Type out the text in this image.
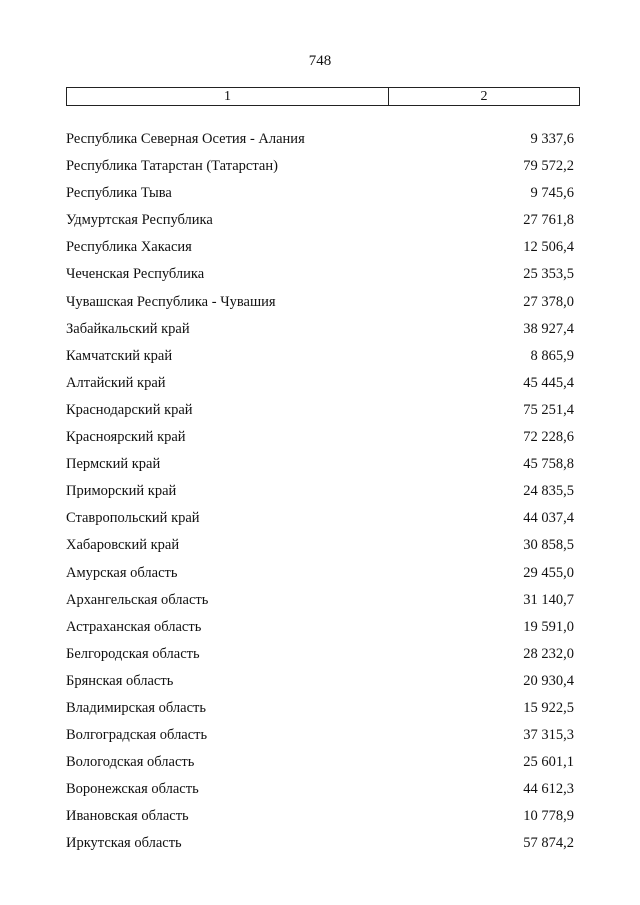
748
1	2
Республика Северная Осетия - Алания	9 337,6
Республика Татарстан (Татарстан)	79 572,2
Республика Тыва	9 745,6
Удмуртская Республика	27 761,8
Республика Хакасия	12 506,4
Чеченская Республика	25 353,5
Чувашская Республика - Чувашия	27 378,0
Забайкальский край	38 927,4
Камчатский край	8 865,9
Алтайский край	45 445,4
Краснодарский край	75 251,4
Красноярский край	72 228,6
Пермский край	45 758,8
Приморский край	24 835,5
Ставропольский край	44 037,4
Хабаровский край	30 858,5
Амурская область	29 455,0
Архангельская область	31 140,7
Астраханская область	19 591,0
Белгородская область	28 232,0
Брянская область	20 930,4
Владимирская область	15 922,5
Волгоградская область	37 315,3
Вологодская область	25 601,1
Воронежская область	44 612,3
Ивановская область	10 778,9
Иркутская область	57 874,2
